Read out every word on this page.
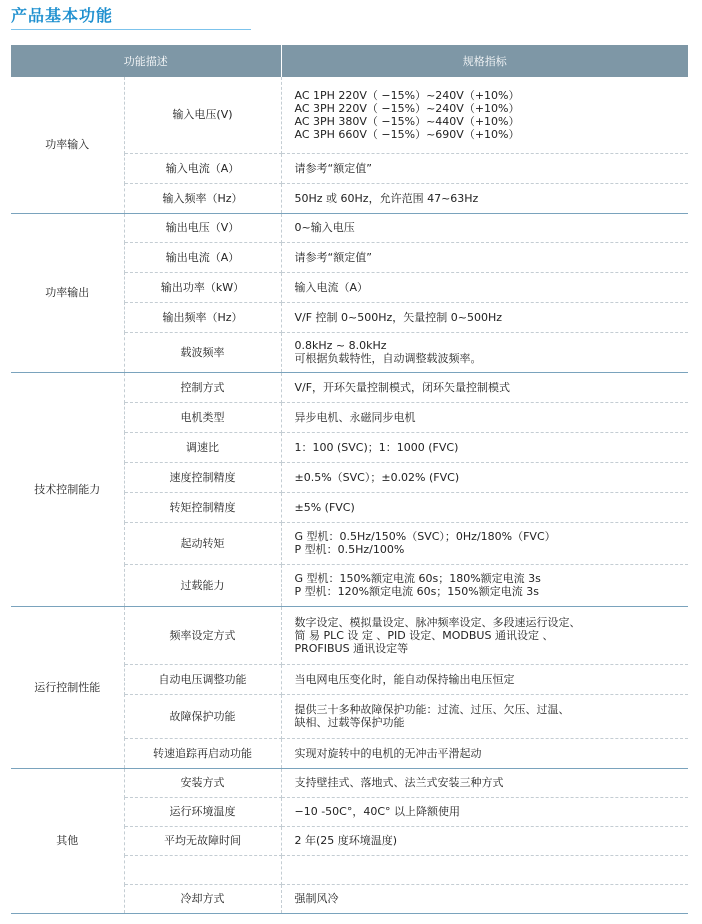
产品基本功能
功能描述		规格指标
功率输入	输入电压(V)	AC 1PH 220V（ −15%）~240V（+10%）
AC 3PH 220V（ −15%）~240V（+10%）
AC 3PH 380V（ −15%）~440V（+10%）
AC 3PH 660V（ −15%）~690V（+10%）
	输入电流（A）	请参考“额定值”
	输入频率（Hz）	50Hz 或 60Hz，允许范围 47~63Hz
功率输出	输出电压（V）	0~输入电压
	输出电流（A）	请参考“额定值”
	输出功率（kW）	输入电流（A）
	输出频率（Hz）	V/F 控制 0~500Hz，矢量控制 0~500Hz
	载波频率	0.8kHz ~ 8.0kHz
可根据负载特性，自动调整载波频率。
技术控制能力	控制方式	V/F，开环矢量控制模式，闭环矢量控制模式
	电机类型	异步电机、永磁同步电机
	调速比	1：100 (SVC)；1：1000 (FVC)
	速度控制精度	±0.5%（SVC）；±0.02% (FVC)
	转矩控制精度	±5% (FVC)
	起动转矩	G 型机：0.5Hz/150%（SVC）；0Hz/180%（FVC）
P 型机：0.5Hz/100%
	过载能力	G 型机：150%额定电流 60s；180%额定电流 3s
P 型机：120%额定电流 60s；150%额定电流 3s
运行控制性能	频率设定方式	数字设定、模拟量设定、脉冲频率设定、多段速运行设定、
简 易 PLC 设 定 、PID 设定、MODBUS 通讯设定 、
PROFIBUS 通讯设定等
	自动电压调整功能	当电网电压变化时，能自动保持输出电压恒定
	故障保护功能	提供三十多种故障保护功能：过流、过压、欠压、过温、
缺相、过载等保护功能
	转速追踪再启动功能	实现对旋转中的电机的无冲击平滑起动
其他	安装方式	支持壁挂式、落地式、法兰式安装三种方式
	运行环境温度	−10 -50C°，40C° 以上降额使用
	平均无故障时间	2 年(25 度环境温度)

	冷却方式	强制风冷
